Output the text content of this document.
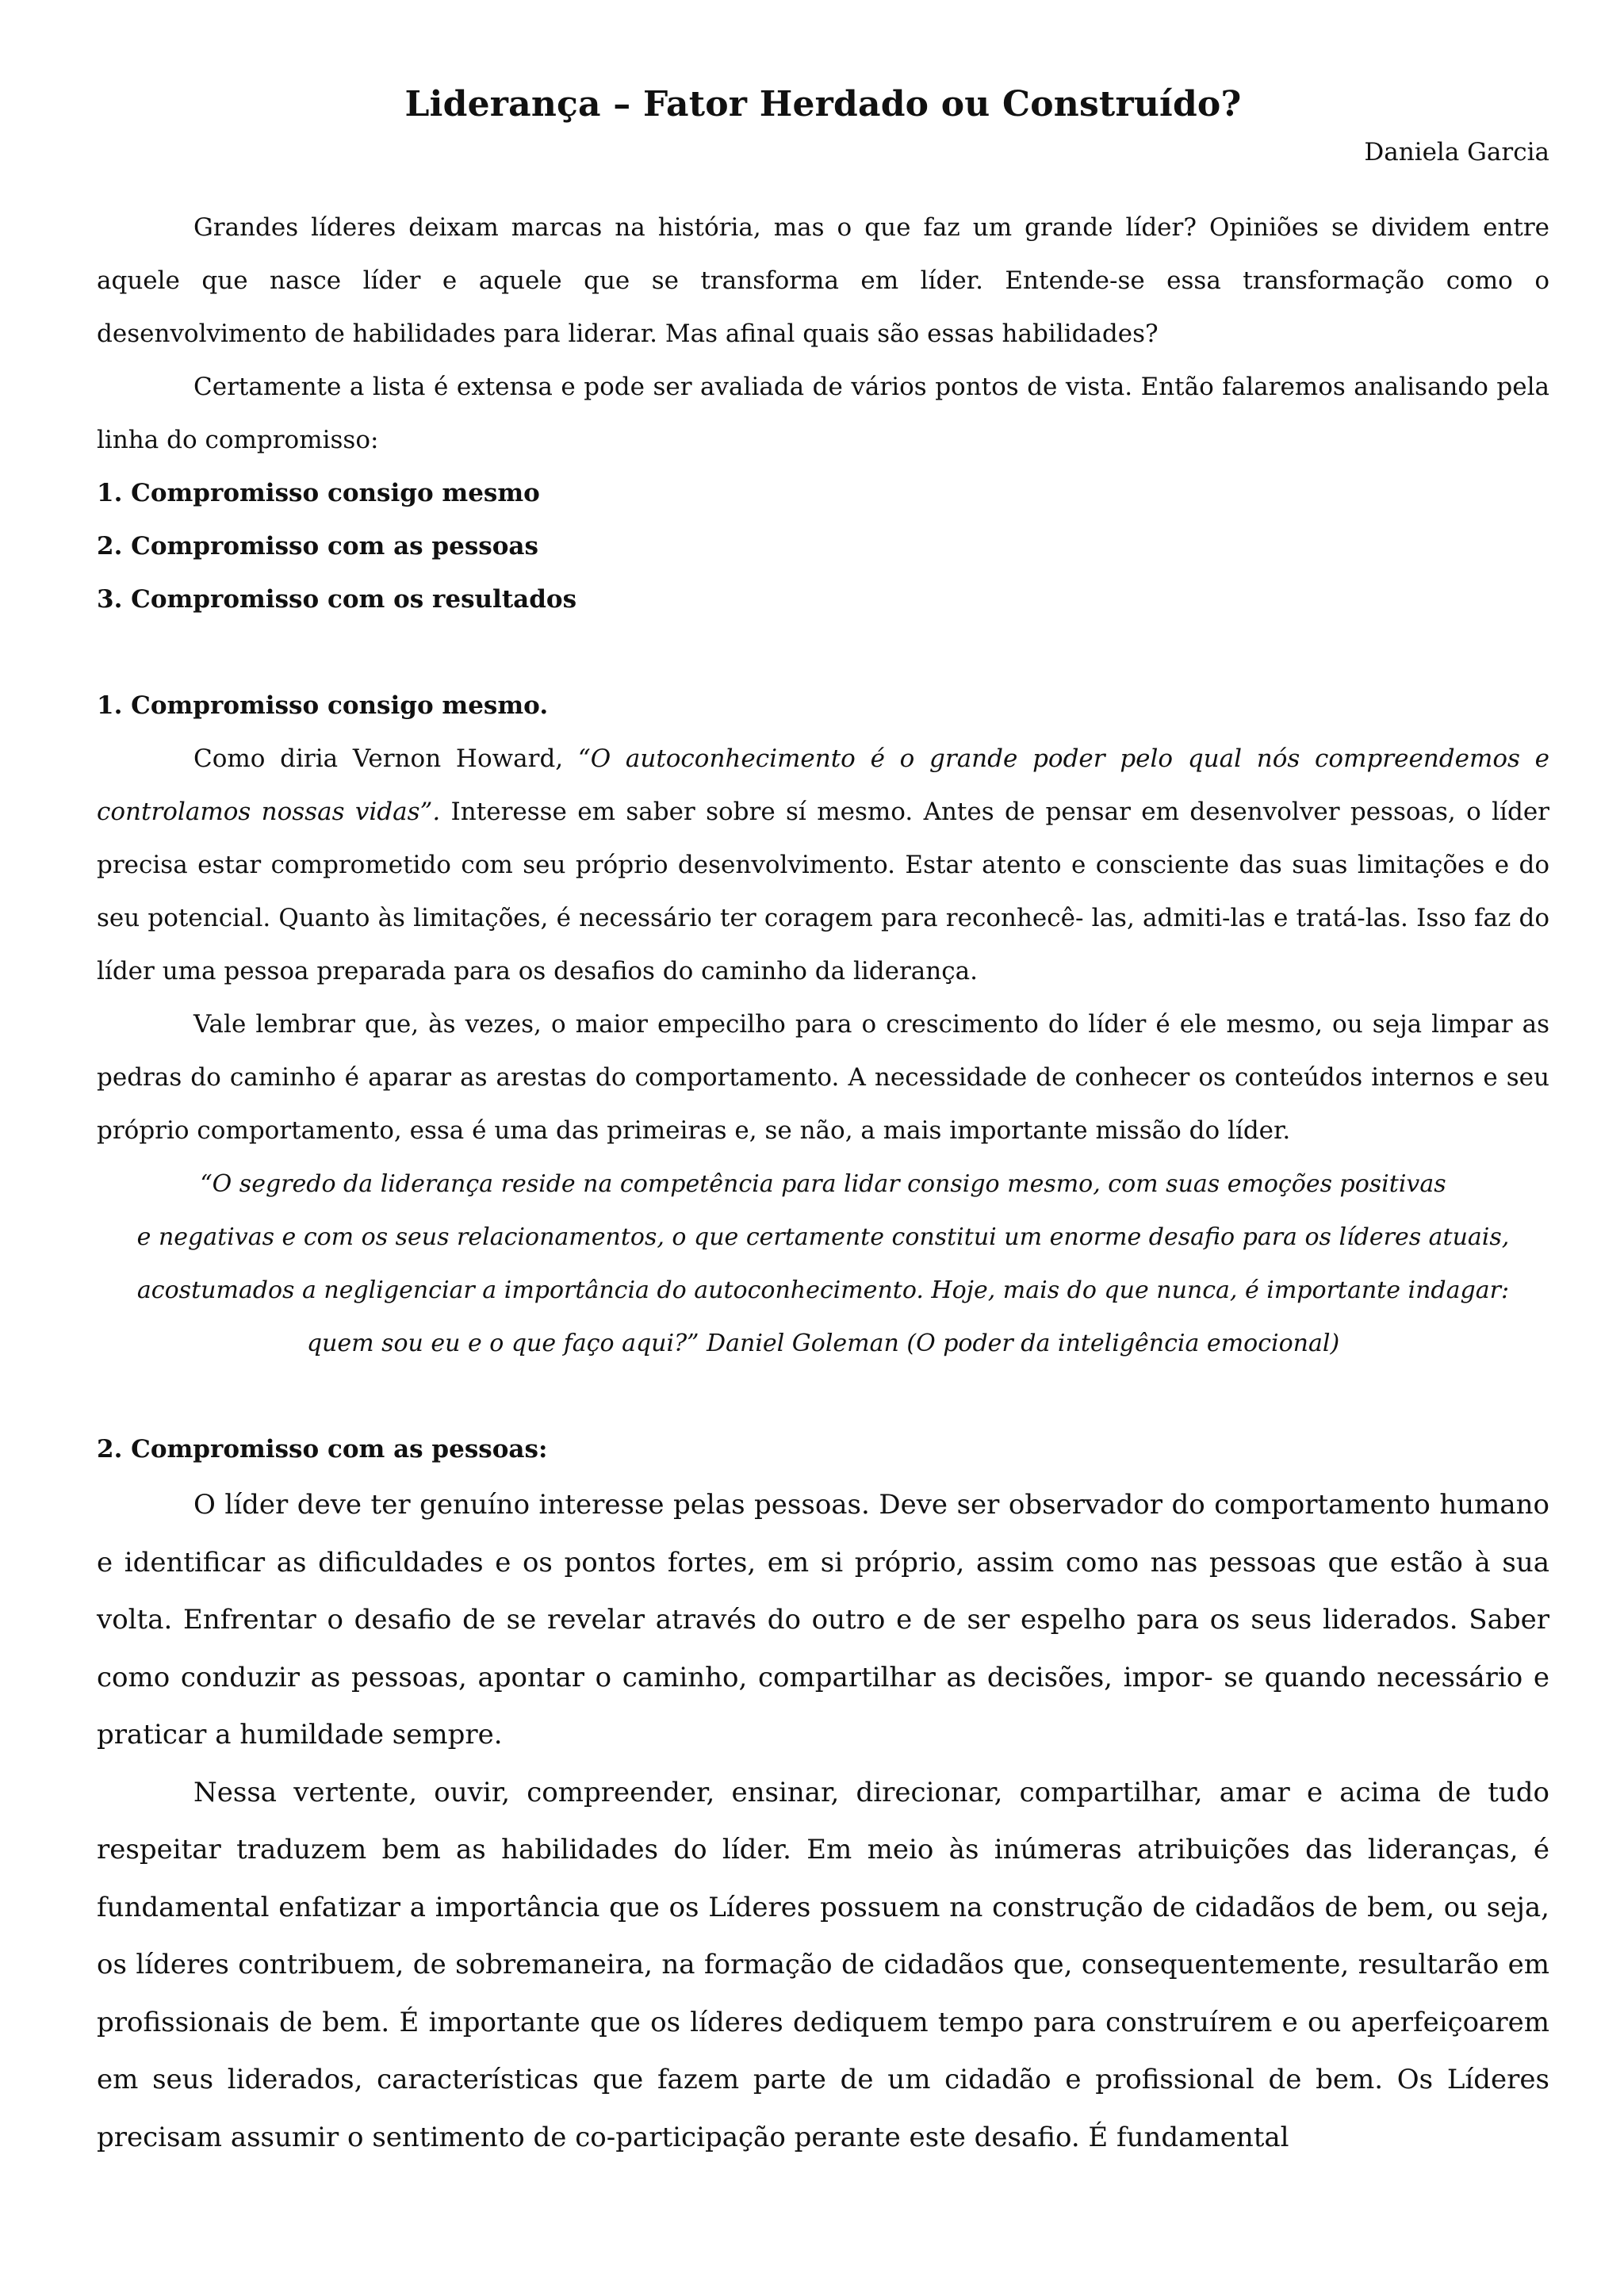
Liderança – Fator Herdado ou Construído?

Daniela Garcia

Grandes líderes deixam marcas na história, mas o que faz um grande líder? Opiniões se dividem entre aquele que nasce líder e aquele que se transforma em líder. Entende-se essa transformação como o desenvolvimento de habilidades para liderar. Mas afinal quais são essas habilidades?

Certamente a lista é extensa e pode ser avaliada de vários pontos de vista. Então falaremos analisando pela linha do compromisso:

1. Compromisso consigo mesmo
2. Compromisso com as pessoas
3. Compromisso com os resultados
1. Compromisso consigo mesmo.

Como diria Vernon Howard, “O autoconhecimento é o grande poder pelo qual nós compreendemos e controlamos nossas vidas”. Interesse em saber sobre sí mesmo. Antes de pensar em desenvolver pessoas, o líder precisa estar comprometido com seu próprio desenvolvimento. Estar atento e consciente das suas limitações e do seu potencial. Quanto às limitações, é necessário ter coragem para reconhecê- las, admiti-las e tratá-las. Isso faz do líder uma pessoa preparada para os desafios do caminho da liderança.

Vale lembrar que, às vezes, o maior empecilho para o crescimento do líder é ele mesmo, ou seja limpar as pedras do caminho é aparar as arestas do comportamento. A necessidade de conhecer os conteúdos internos e seu próprio comportamento, essa é uma das primeiras e, se não, a mais importante missão do líder.

“O segredo da liderança reside na competência para lidar consigo mesmo, com suas emoções positivas
e negativas e com os seus relacionamentos, o que certamente constitui um enorme desafio para os líderes atuais,
acostumados a negligenciar a importância do autoconhecimento. Hoje, mais do que nunca, é importante indagar:
quem sou eu e o que faço aqui?” Daniel Goleman (O poder da inteligência emocional)
2. Compromisso com as pessoas:

O líder deve ter genuíno interesse pelas pessoas. Deve ser observador do comportamento humano e identificar as dificuldades e os pontos fortes, em si próprio, assim como nas pessoas que estão à sua volta. Enfrentar o desafio de se revelar através do outro e de ser espelho para os seus liderados. Saber como conduzir as pessoas, apontar o caminho, compartilhar as decisões, impor- se quando necessário e praticar a humildade sempre.

Nessa vertente, ouvir, compreender, ensinar, direcionar, compartilhar, amar e acima de tudo respeitar traduzem bem as habilidades do líder. Em meio às inúmeras atribuições das lideranças, é fundamental enfatizar a importância que os Líderes possuem na construção de cidadãos de bem, ou seja, os líderes contribuem, de sobremaneira, na formação de cidadãos que, consequentemente, resultarão em profissionais de bem. É importante que os líderes dediquem tempo para construírem e ou aperfeiçoarem em seus liderados, características que fazem parte de um cidadão e profissional de bem. Os Líderes precisam assumir o sentimento de co-participação perante este desafio. É fundamental
